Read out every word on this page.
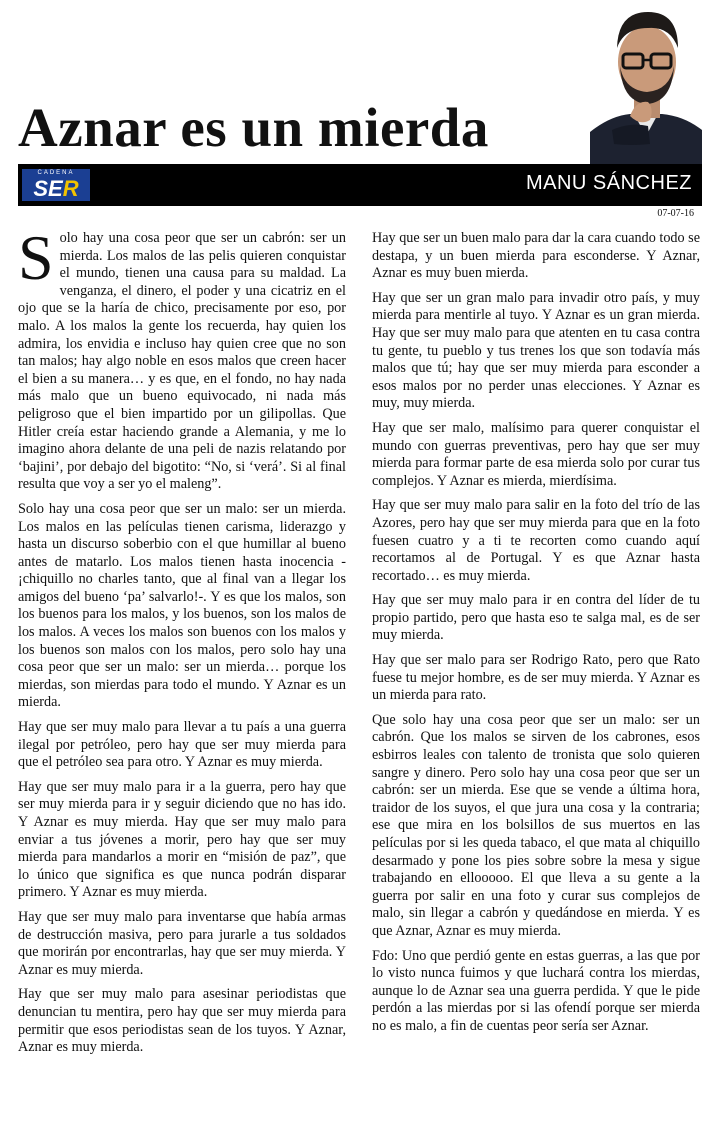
Aznar es un mierda
CADENA
SER	MANU SÁNCHEZ
07-07-16

Solo hay una cosa peor que ser un cabrón: ser un mierda. Los malos de las pelis quieren conquistar el mundo, tienen una causa para su maldad. La venganza, el dinero, el poder y una cicatriz en el ojo que se la haría de chico, precisamente por eso, por malo. A los malos la gente los recuerda, hay quien los admira, los envidia e incluso hay quien cree que no son tan malos; hay algo noble en esos malos que creen hacer el bien a su manera… y es que, en el fondo, no hay nada más malo que un bueno equivocado, ni nada más peligroso que el bien impartido por un gilipollas. Que Hitler creía estar haciendo grande a Alemania, y me lo imagino ahora delante de una peli de nazis relatando por ‘bajini’, por debajo del bigotito: “No, si ‘verá’. Si al final resulta que voy a ser yo el maleng”.

Solo hay una cosa peor que ser un malo: ser un mierda. Los malos en las películas tienen carisma, liderazgo y hasta un discurso soberbio con el que humillar al bueno antes de matarlo. Los malos tienen hasta inocencia -¡chiquillo no charles tanto, que al final van a llegar los amigos del bueno ‘pa’ salvarlo!-. Y es que los malos, son los buenos para los malos, y los buenos, son los malos de los malos. A veces los malos son buenos con los malos y los buenos son malos con los malos, pero solo hay una cosa peor que ser un malo: ser un mierda… porque los mierdas, son mierdas para todo el mundo. Y Aznar es un mierda.

Hay que ser muy malo para llevar a tu país a una guerra ilegal por petróleo, pero hay que ser muy mierda para que el petróleo sea para otro. Y Aznar es muy mierda.

Hay que ser muy malo para ir a la guerra, pero hay que ser muy mierda para ir y seguir diciendo que no has ido. Y Aznar es muy mierda. Hay que ser muy malo para enviar a tus jóvenes a morir, pero hay que ser muy mierda para mandarlos a morir en “misión de paz”, que lo único que significa es que nunca podrán disparar primero. Y Aznar es muy mierda.

Hay que ser muy malo para inventarse que había armas de destrucción masiva, pero para jurarle a tus soldados que morirán por encontrarlas, hay que ser muy mierda. Y Aznar es muy mierda.

Hay que ser muy malo para asesinar periodistas que denuncian tu mentira, pero hay que ser muy mierda para permitir que esos periodistas sean de los tuyos. Y Aznar, Aznar es muy mierda.

Hay que ser un buen malo para dar la cara cuando todo se destapa, y un buen mierda para esconderse. Y Aznar, Aznar es muy buen mierda.

Hay que ser un gran malo para invadir otro país, y muy mierda para mentirle al tuyo. Y Aznar es un gran mierda. Hay que ser muy malo para que atenten en tu casa contra tu gente, tu pueblo y tus trenes los que son todavía más malos que tú; hay que ser muy mierda para esconder a esos malos por no perder unas elecciones. Y Aznar es muy, muy mierda.

Hay que ser malo, malísimo para querer conquistar el mundo con guerras preventivas, pero hay que ser muy mierda para formar parte de esa mierda solo por curar tus complejos. Y Aznar es mierda, mierdísima.

Hay que ser muy malo para salir en la foto del trío de las Azores, pero hay que ser muy mierda para que en la foto fuesen cuatro y a ti te recorten como cuando aquí recortamos al de Portugal. Y es que Aznar hasta recortado… es muy mierda.

Hay que ser muy malo para ir en contra del líder de tu propio partido, pero que hasta eso te salga mal, es de ser muy mierda.

Hay que ser malo para ser Rodrigo Rato, pero que Rato fuese tu mejor hombre, es de ser muy mierda. Y Aznar es un mierda para rato.

Que solo hay una cosa peor que ser un malo: ser un cabrón. Que los malos se sirven de los cabrones, esos esbirros leales con talento de tronista que solo quieren sangre y dinero. Pero solo hay una cosa peor que ser un cabrón: ser un mierda. Ese que se vende a última hora, traidor de los suyos, el que jura una cosa y la contraria; ese que mira en los bolsillos de sus muertos en las películas por si les queda tabaco, el que mata al chiquillo desarmado y pone los pies sobre sobre la mesa y sigue trabajando en ellooooo. El que lleva a su gente a la guerra por salir en una foto y curar sus complejos de malo, sin llegar a cabrón y quedándose en mierda. Y es que Aznar, Aznar es muy mierda.

Fdo: Uno que perdió gente en estas guerras, a las que por lo visto nunca fuimos y que luchará contra los mierdas, aunque lo de Aznar sea una guerra perdida. Y que le pide perdón a las mierdas por si las ofendí porque ser mierda no es malo, a fin de cuentas peor sería ser Aznar.
